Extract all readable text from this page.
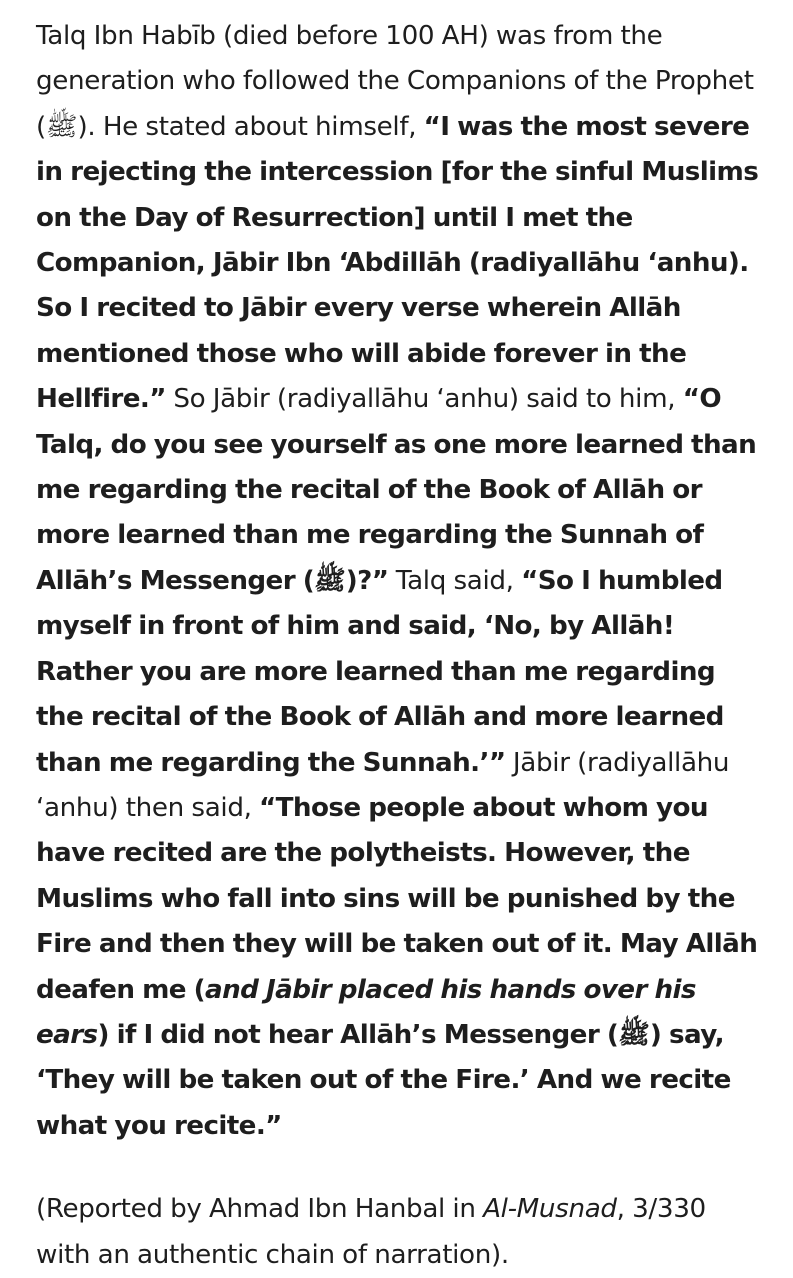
Talq Ibn Habīb (died before 100 AH) was from the generation who followed the Companions of the Prophet (ﷺ). He stated about himself, “I was the most severe in rejecting the intercession [for the sinful Muslims on the Day of Resurrection] until I met the Companion, Jābir Ibn ‘Abdillāh (radiyallāhu ‘anhu). So I recited to Jābir every verse wherein Allāh mentioned those who will abide forever in the Hellfire.” So Jābir (radiyallāhu ‘anhu) said to him, “O Talq, do you see yourself as one more learned than me regarding the recital of the Book of Allāh or more learned than me regarding the Sunnah of Allāh’s Messenger (ﷺ)?” Talq said, “So I humbled myself in front of him and said, ‘No, by Allāh! Rather you are more learned than me regarding the recital of the Book of Allāh and more learned than me regarding the Sunnah.’” Jābir (radiyallāhu ‘anhu) then said, “Those people about whom you have recited are the polytheists. However, the Muslims who fall into sins will be punished by the Fire and then they will be taken out of it. May Allāh deafen me (and Jābir placed his hands over his ears) if I did not hear Allāh’s Messenger (ﷺ) say, ‘They will be taken out of the Fire.’ And we recite what you recite.”

(Reported by Ahmad Ibn Hanbal in Al-Musnad, 3/330 with an authentic chain of narration).
